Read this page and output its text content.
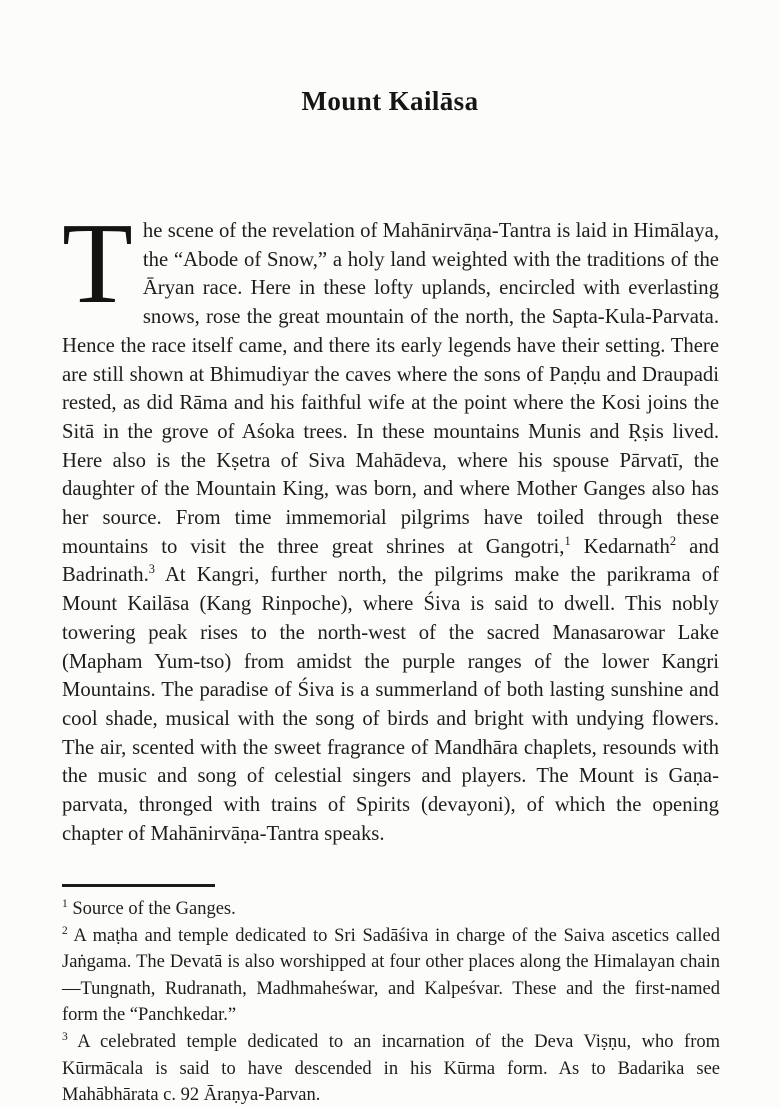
Mount Kailāsa
The scene of the revelation of Mahānirvāṇa-Tantra is laid in Himālaya, the “Abode of Snow,” a holy land weighted with the traditions of the Āryan race. Here in these lofty uplands, encircled with everlasting snows, rose the great mountain of the north, the Sapta-Kula-Parvata. Hence the race itself came, and there its early legends have their setting. There are still shown at Bhimudiyar the caves where the sons of Paṇḍu and Draupadi rested, as did Rāma and his faithful wife at the point where the Kosi joins the Sitā in the grove of Aśoka trees. In these mountains Munis and Ṛṣis lived. Here also is the Kṣetra of Siva Mahādeva, where his spouse Pārvatī, the daughter of the Mountain King, was born, and where Mother Ganges also has her source. From time immemorial pilgrims have toiled through these mountains to visit the three great shrines at Gangotri,$^1$ Kedarnath$^2$ and Badrinath.$^3$ At Kangri, further north, the pilgrims make the parikrama of Mount Kailāsa (Kang Rinpoche), where Śiva is said to dwell. This nobly towering peak rises to the north-west of the sacred Manasarowar Lake (Mapham Yum-tso) from amidst the purple ranges of the lower Kangri Mountains. The paradise of Śiva is a summerland of both lasting sunshine and cool shade, musical with the song of birds and bright with undying flowers. The air, scented with the sweet fragrance of Mandhāra chaplets, resounds with the music and song of celestial singers and players. The Mount is Gaṇa-parvata, thronged with trains of Spirits (devayoni), of which the opening chapter of Mahānirvāṇa-Tantra speaks.

$^1$ Source of the Ganges.

$^2$ A maṭha and temple dedicated to Sri Sadāśiva in charge of the Saiva ascetics called Jaṅgama. The Devatā is also worshipped at four other places along the Himalayan chain—Tungnath, Rudranath, Madhmaheśwar, and Kalpeśvar. These and the first-named form the “Panchkedar.”

$^3$ A celebrated temple dedicated to an incarnation of the Deva Viṣṇu, who from Kūrmācala is said to have descended in his Kūrma form. As to Badarika see Mahābhārata c. 92 Āraṇya-Parvan.
